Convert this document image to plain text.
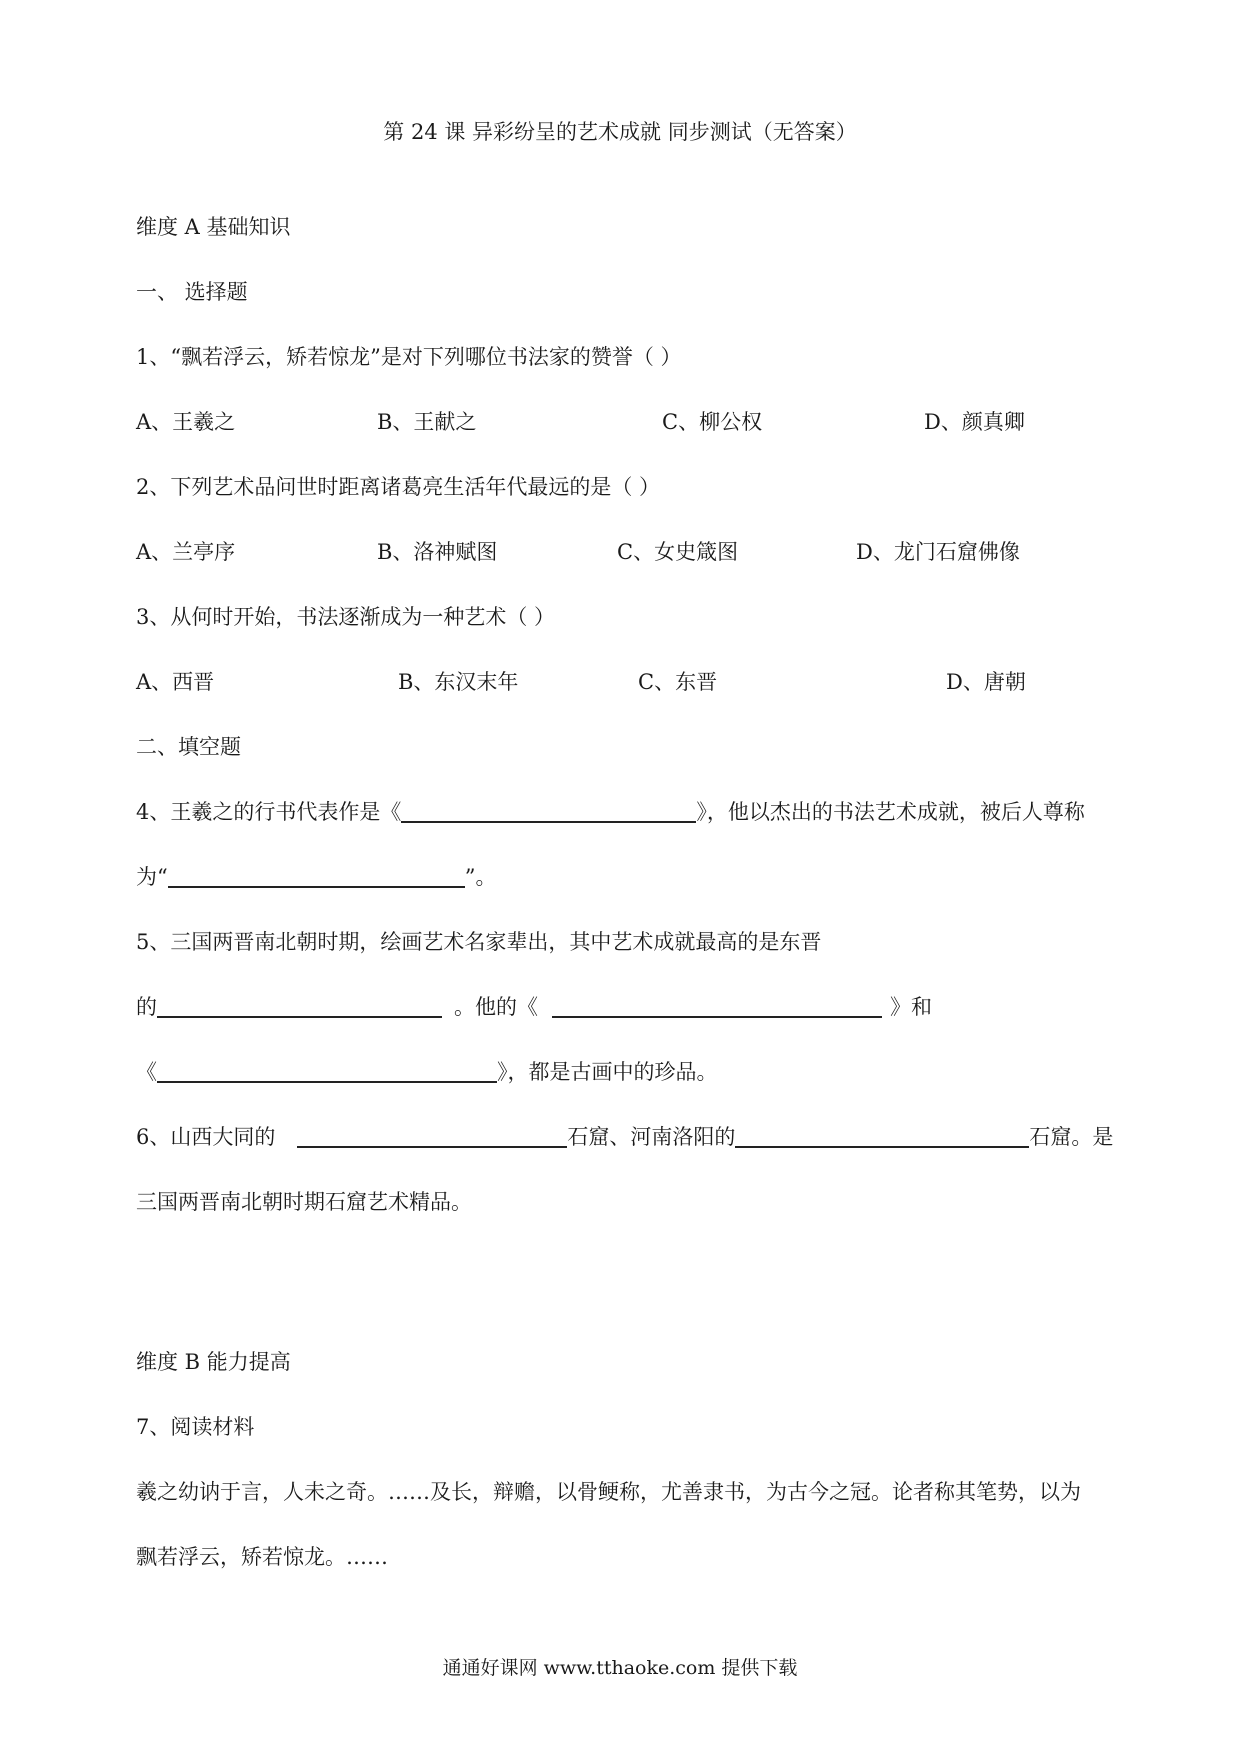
第 24 课 异彩纷呈的艺术成就 同步测试（无答案）
维度 A 基础知识
一、 选择题
1、“飘若浮云，矫若惊龙”是对下列哪位书法家的赞誉（ ）
A、王羲之	B、王献之	C、柳公权	D、颜真卿
2、下列艺术品问世时距离诸葛亮生活年代最远的是（ ）
A、兰亭序	B、洛神赋图	C、女史箴图	D、龙门石窟佛像
3、从何时开始，书法逐渐成为一种艺术（ ）
A、西晋	B、东汉末年	C、东晋	D、唐朝
二、填空题
4、王羲之的行书代表作是《	》，他以杰出的书法艺术成就，被后人尊称
为“	”。
5、三国两晋南北朝时期，绘画艺术名家辈出，其中艺术成就最高的是东晋
的	。他的《	》和
《	》，都是古画中的珍品。
6、山西大同的	石窟、河南洛阳的	石窟。是
三国两晋南北朝时期石窟艺术精品。
维度 B 能力提高
7、阅读材料
羲之幼讷于言，人未之奇。……及长，辩赡，以骨鲠称，尤善隶书，为古今之冠。论者称其笔势，以为
飘若浮云，矫若惊龙。……
通通好课网 www.tthaoke.com 提供下载
